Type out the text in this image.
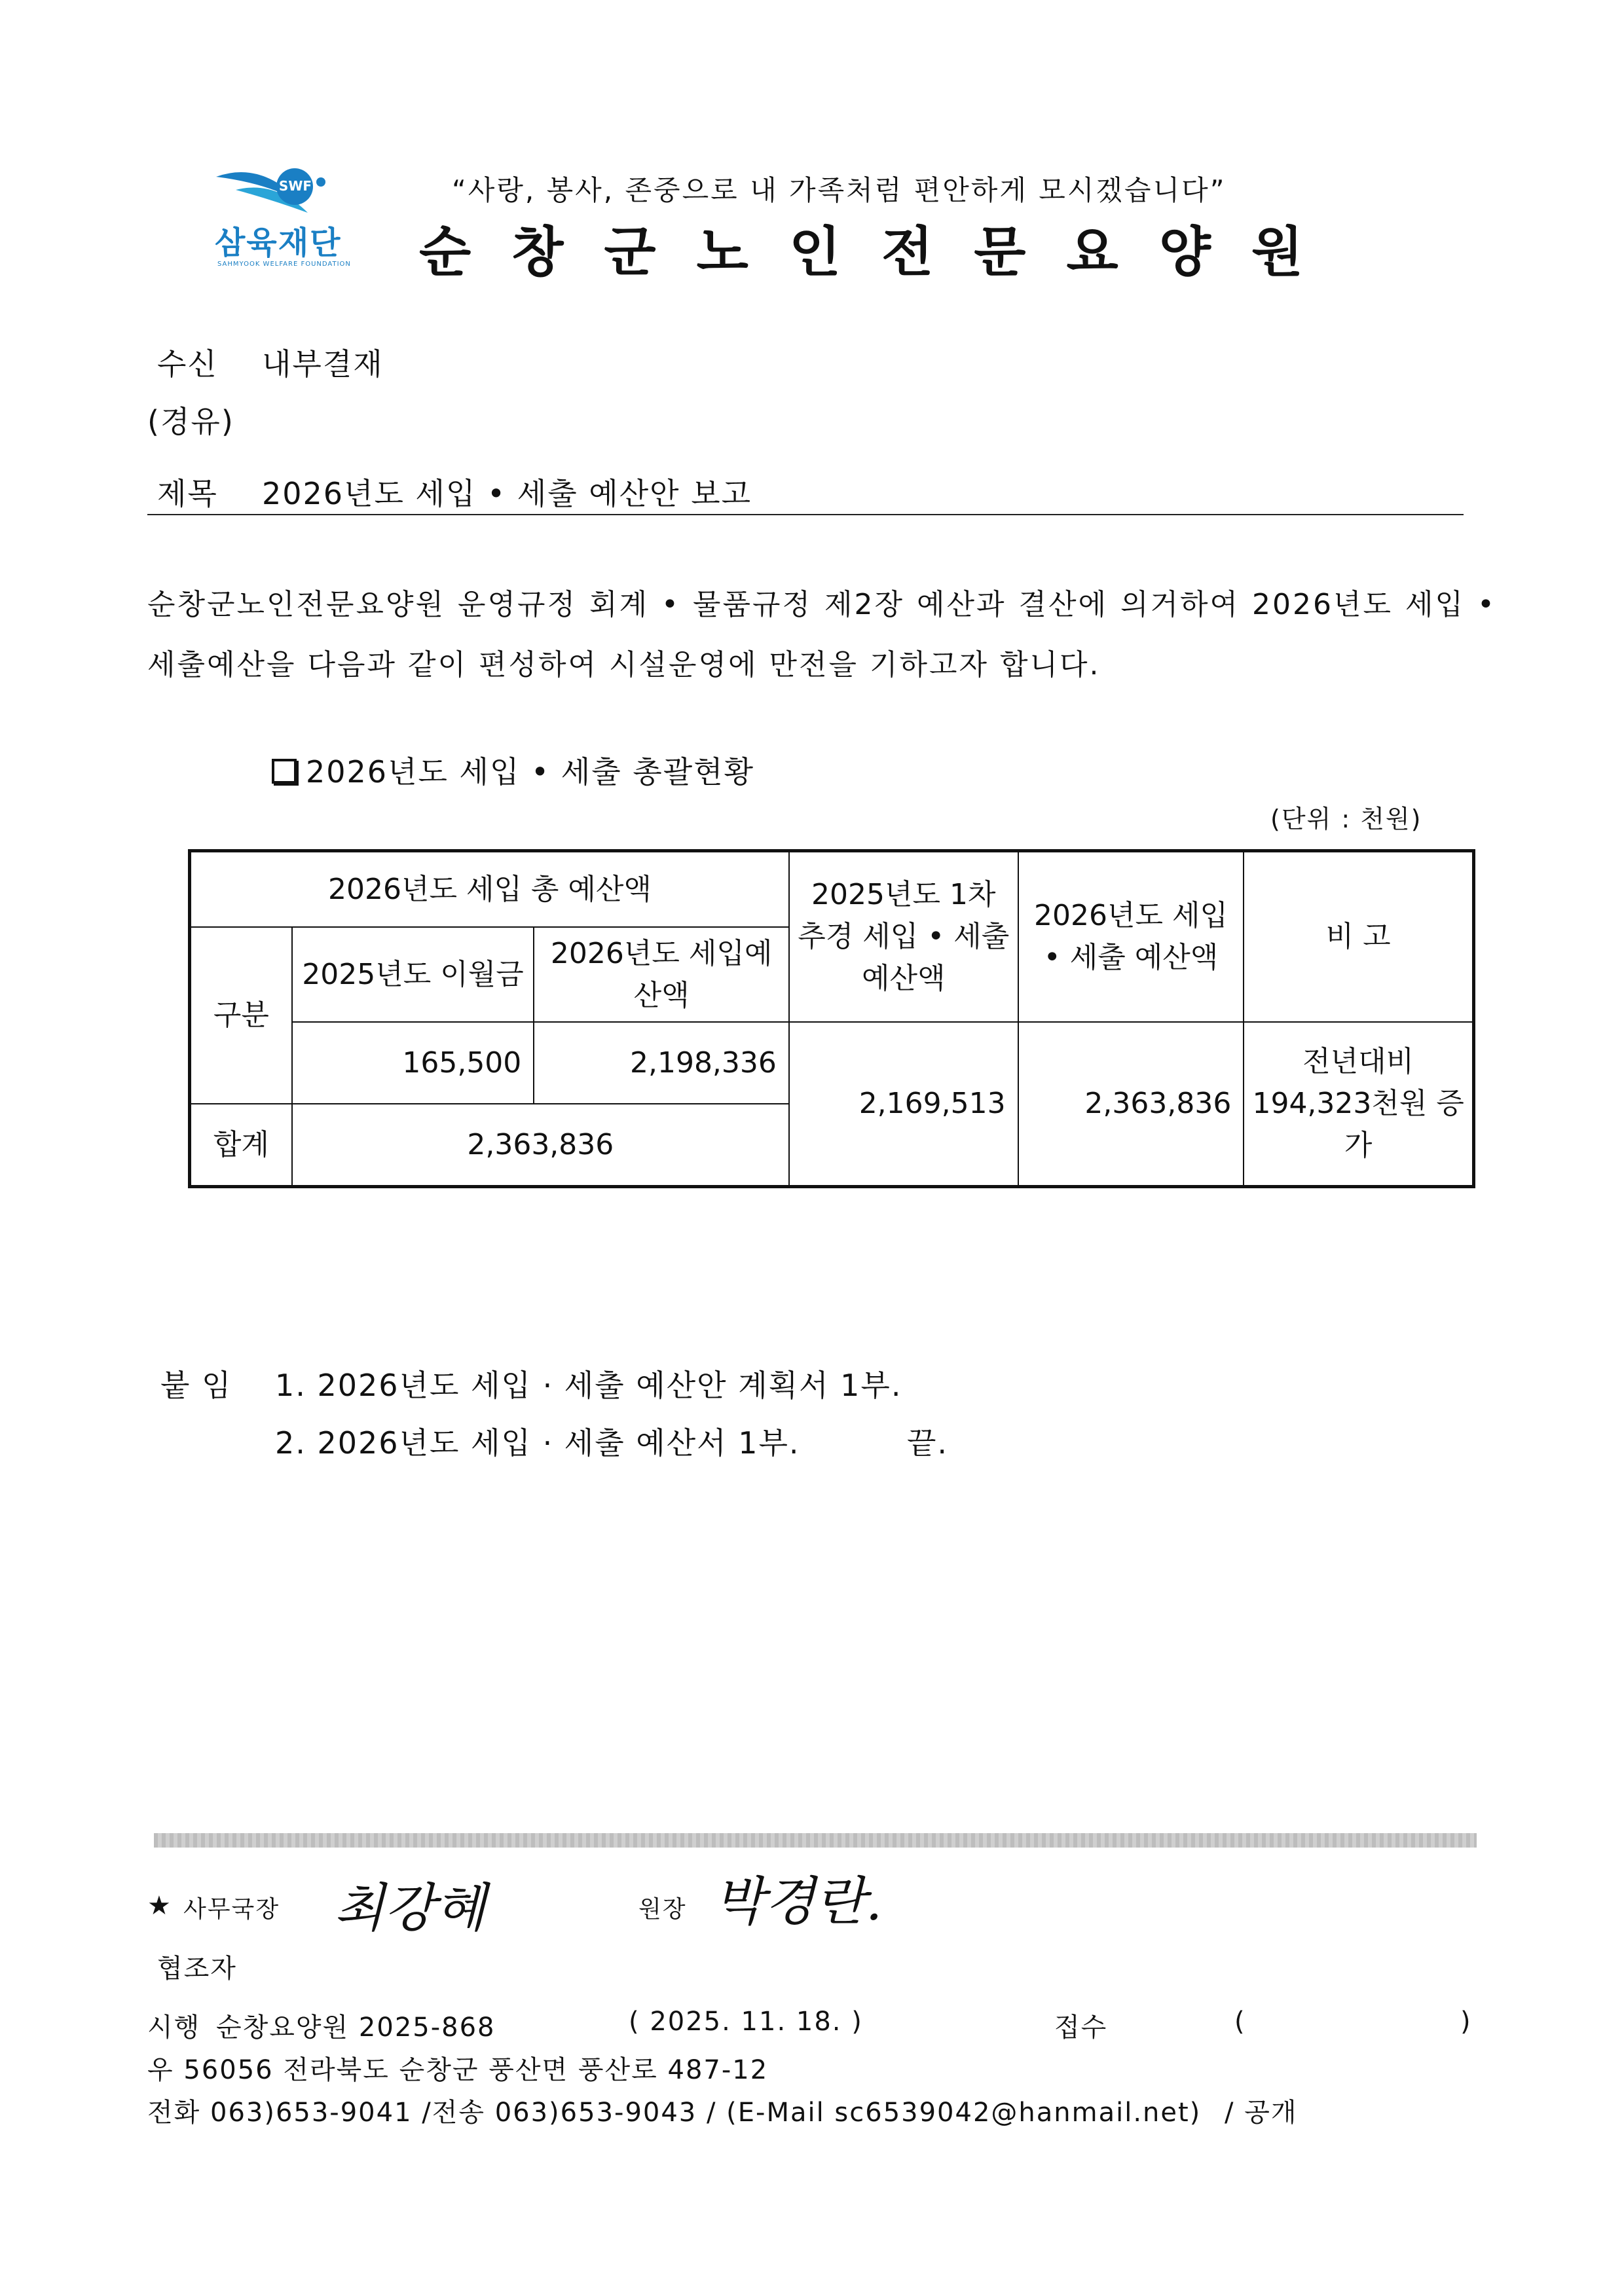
SWF
삼육재단
SAHMYOOK WELFARE FOUNDATION
“사랑, 봉사, 존중으로 내 가족처럼 편안하게 모시겠습니다”
순창군노인전문요양원
수신 내부결재
(경유)
제목 2026년도 세입 • 세출 예산안 보고
순창군노인전문요양원 운영규정 회계 • 물품규정 제2장 예산과 결산에 의거하여 2026년도 세입 • 세출예산을 다음과 같이 편성하여 시설운영에 만전을 기하고자 합니다.
2026년도 세입 • 세출 총괄현황
(단위 : 천원)
2026년도 세입 총 예산액			2025년도 1차 추경 세입 • 세출 예산액	2026년도 세입 • 세출 예산액	비 고
구분	2025년도 이월금	2026년도 세입예산액			
	165,500	2,198,336	2,169,513	2,363,836	전년대비 194,323천원 증가
합계	2,363,836				
붙 임 1. 2026년도 세입 · 세출 예산안 계획서 1부.
2. 2026년도 세입 · 세출 예산서 1부.	끝.
★ 사무국장 최강혜	원장 박경란.
협조자
시행 순창요양원 2025-868	( 2025. 11. 18. )	접수	(	)
우 56056 전라북도 순창군 풍산면 풍산로 487-12
전화 063)653-9041 /전송 063)653-9043 / (E-Mail sc6539042@hanmail.net) / 공개
